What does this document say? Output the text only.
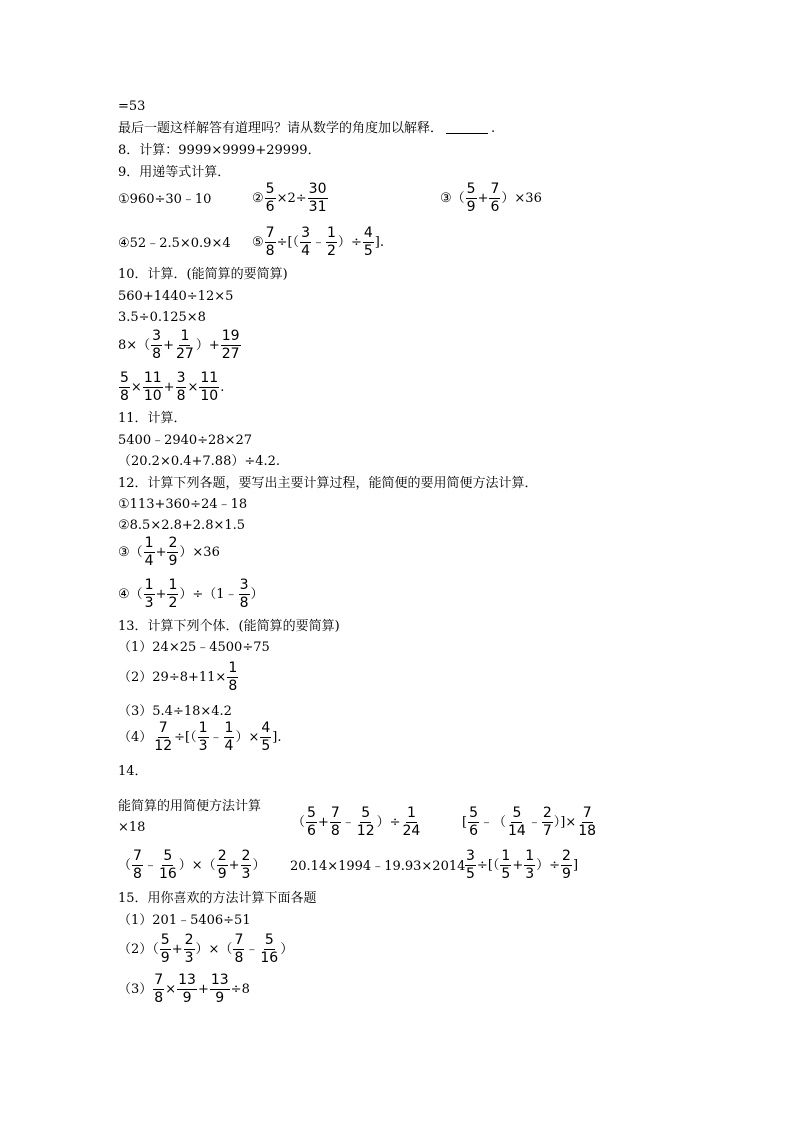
=53
最后一题这样解答有道理吗？请从数学的角度加以解释．	.
8．计算：9999×9999+29999．
9．用递等式计算．
①960÷30﹣10	② $\frac{5}{6} \times 2 \div \frac{30}{31}$	③（
5
9
+ $\frac{7}{6} )\times 36$
④52﹣2.5×0.9×4 ⑤ $\frac{7}{8}$ ÷ [（
3
4
﹣
1
2
） ÷ $\frac{4}{5}$ ].
10．计算．(能简算的要简算)
560+1440÷12×5
3.5÷0.125×8
8×（
3
8
+ $\frac{1}{27}$ ）+ $\frac{19}{27}$
$\frac{5}{8} \times \frac{11}{10} + \frac{3}{8} \times \frac{11}{10}$ .
11．计算．
5400﹣2940÷28×27
（20.2×0.4+7.88）÷4.2.
12．计算下列各题，要写出主要计算过程，能简便的要用简便方法计算．
①113+360÷24﹣18
②8.5×2.8+2.8×1.5
③（
1
4
+ $\frac{2}{9} )\times 36$
④（
1
3
+ $\frac{1}{2}$ ）÷（1﹣
3
8
）
13．计算下列个体．(能简算的要简算)
（1）24×25﹣4500÷75
$(2)29\div 8+11\times \frac{1}{8}$
（3）5.4÷18×4.2
$(4) \frac{7}{12}$ ÷[（
1
3
﹣
1
4
）× $\frac{4}{5}$ ].
14．
能简算的用简便方法计算
×18	（
5
6
+ $\frac{7}{8}$ ﹣
5
12
）÷ $\frac{1}{24}$	[
5
6
﹣（
5
14
﹣
2
7
）]× $\frac{7}{18}$
（
7
8
﹣
5
16
）×（
2
9
+ $\frac{2}{3}$ ） 20.14×1994﹣19.93×2014 $\frac{3}{5}$ ÷[（
1
5
+ $\frac{1}{3}$ ）÷ $\frac{2}{9}$ ]
15．用你喜欢的方法计算下面各题
（1）201﹣5406÷51
（2）（
5
9
+ $\frac{2}{3}$ ）×（
7
8
﹣
5
16
）
$(3) \frac{7}{8} \times \frac{13}{9} + \frac{13}{9} \div 8$
